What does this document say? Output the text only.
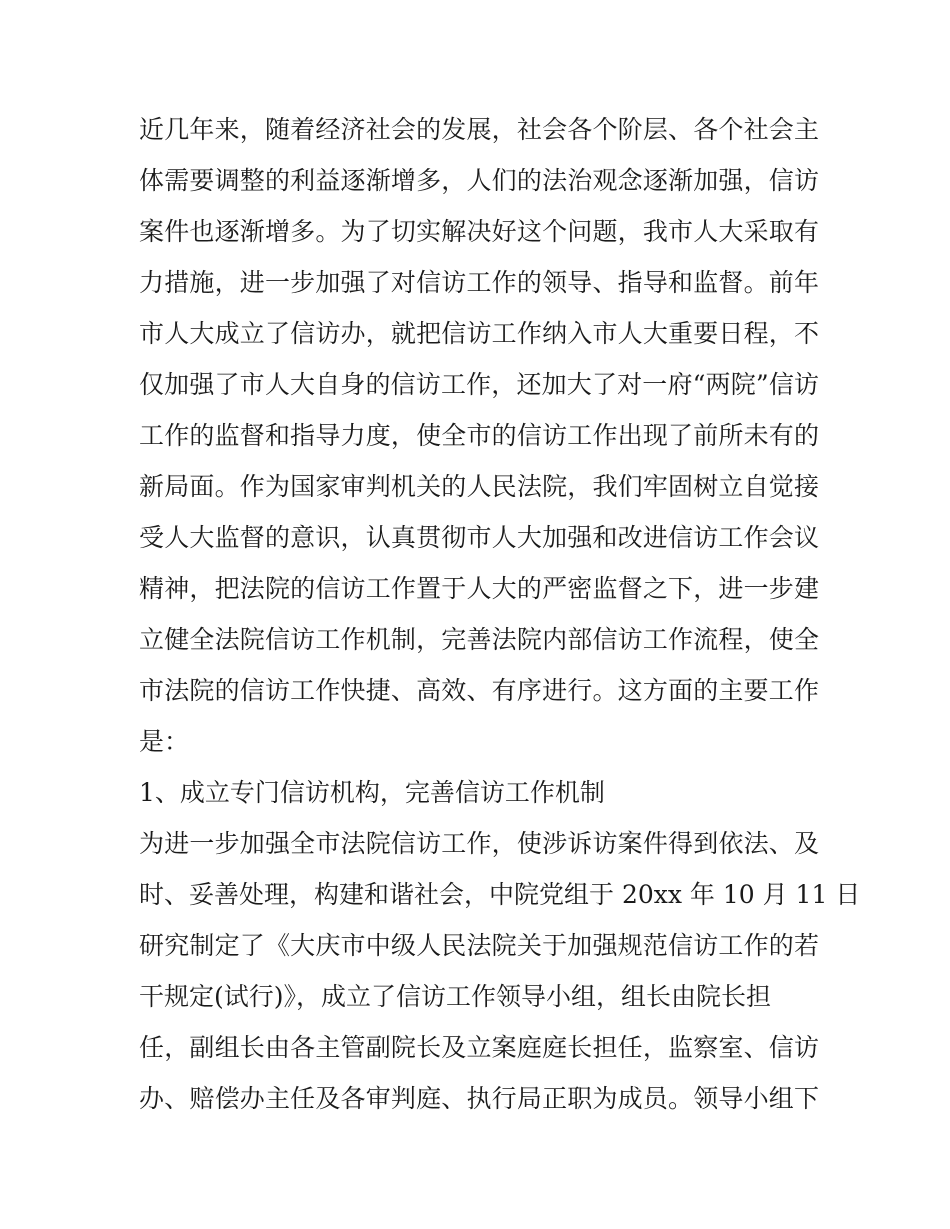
近几年来，随着经济社会的发展，社会各个阶层、各个社会主
体需要调整的利益逐渐增多，人们的法治观念逐渐加强，信访
案件也逐渐增多。为了切实解决好这个问题，我市人大采取有
力措施，进一步加强了对信访工作的领导、指导和监督。前年
市人大成立了信访办，就把信访工作纳入市人大重要日程，不
仅加强了市人大自身的信访工作，还加大了对一府“两院”信访
工作的监督和指导力度，使全市的信访工作出现了前所未有的
新局面。作为国家审判机关的人民法院，我们牢固树立自觉接
受人大监督的意识，认真贯彻市人大加强和改进信访工作会议
精神，把法院的信访工作置于人大的严密监督之下，进一步建
立健全法院信访工作机制，完善法院内部信访工作流程，使全
市法院的信访工作快捷、高效、有序进行。这方面的主要工作
是：
1、成立专门信访机构，完善信访工作机制
为进一步加强全市法院信访工作，使涉诉访案件得到依法、及
时、妥善处理，构建和谐社会，中院党组于 20xx 年 10 月 11 日
研究制定了《大庆市中级人民法院关于加强规范信访工作的若
干规定(试行)》，成立了信访工作领导小组，组长由院长担
任，副组长由各主管副院长及立案庭庭长担任，监察室、信访
办、赔偿办主任及各审判庭、执行局正职为成员。领导小组下
